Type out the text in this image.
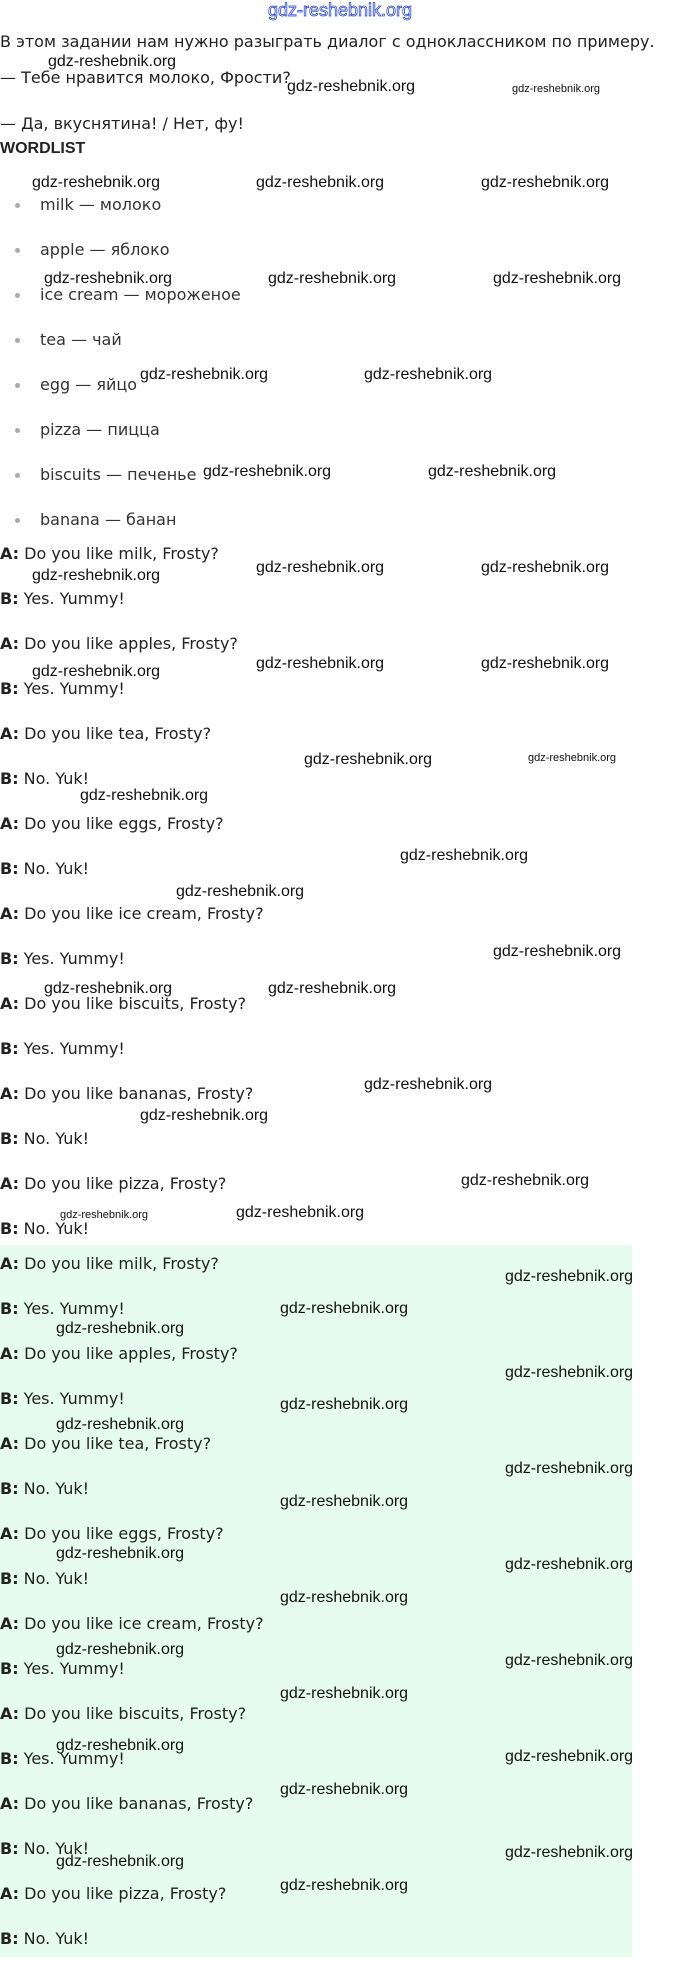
gdz-reshebnik.org

В этом задании нам нужно разыграть диалог с одноклассником по примеру.

— Тебе нравится молоко, Фрости?

— Да, вкуснятина! / Нет, фу!

WORDLIST
milk — молоко
apple — яблоко
ice cream — мороженое
tea — чай
egg — яйцо
pizza — пицца
biscuits — печенье
banana — банан
A: Do you like milk, Frosty?
B: Yes. Yummy!
A: Do you like apples, Frosty?
B: Yes. Yummy!
A: Do you like tea, Frosty?
B: No. Yuk!
A: Do you like eggs, Frosty?
B: No. Yuk!
A: Do you like ice cream, Frosty?
B: Yes. Yummy!
A: Do you like biscuits, Frosty?
B: Yes. Yummy!
A: Do you like bananas, Frosty?
B: No. Yuk!
A: Do you like pizza, Frosty?
B: No. Yuk!
A: Do you like milk, Frosty?
B: Yes. Yummy!
A: Do you like apples, Frosty?
B: Yes. Yummy!
A: Do you like tea, Frosty?
B: No. Yuk!
A: Do you like eggs, Frosty?
B: No. Yuk!
A: Do you like ice cream, Frosty?
B: Yes. Yummy!
A: Do you like biscuits, Frosty?
B: Yes. Yummy!
A: Do you like bananas, Frosty?
B: No. Yuk!
A: Do you like pizza, Frosty?
B: No. Yuk!
gdz-reshebnik.org
gdz-reshebnik.org	gdz-reshebnik.org
gdz-reshebnik.org	gdz-reshebnik.org	gdz-reshebnik.org
gdz-reshebnik.org	gdz-reshebnik.org	gdz-reshebnik.org
gdz-reshebnik.org	gdz-reshebnik.org
gdz-reshebnik.org	gdz-reshebnik.org
gdz-reshebnik.org	gdz-reshebnik.org	gdz-reshebnik.org
gdz-reshebnik.org	gdz-reshebnik.org	gdz-reshebnik.org
gdz-reshebnik.org	gdz-reshebnik.org
gdz-reshebnik.org
gdz-reshebnik.org
gdz-reshebnik.org
gdz-reshebnik.org
gdz-reshebnik.org	gdz-reshebnik.org
gdz-reshebnik.org
gdz-reshebnik.org
gdz-reshebnik.org
gdz-reshebnik.org	gdz-reshebnik.org
gdz-reshebnik.org
gdz-reshebnik.org
gdz-reshebnik.org
gdz-reshebnik.org
gdz-reshebnik.org
gdz-reshebnik.org
gdz-reshebnik.org
gdz-reshebnik.org
gdz-reshebnik.org
gdz-reshebnik.org
gdz-reshebnik.org
gdz-reshebnik.org
gdz-reshebnik.org
gdz-reshebnik.org
gdz-reshebnik.org
gdz-reshebnik.org
gdz-reshebnik.org
gdz-reshebnik.org
gdz-reshebnik.org
gdz-reshebnik.org
